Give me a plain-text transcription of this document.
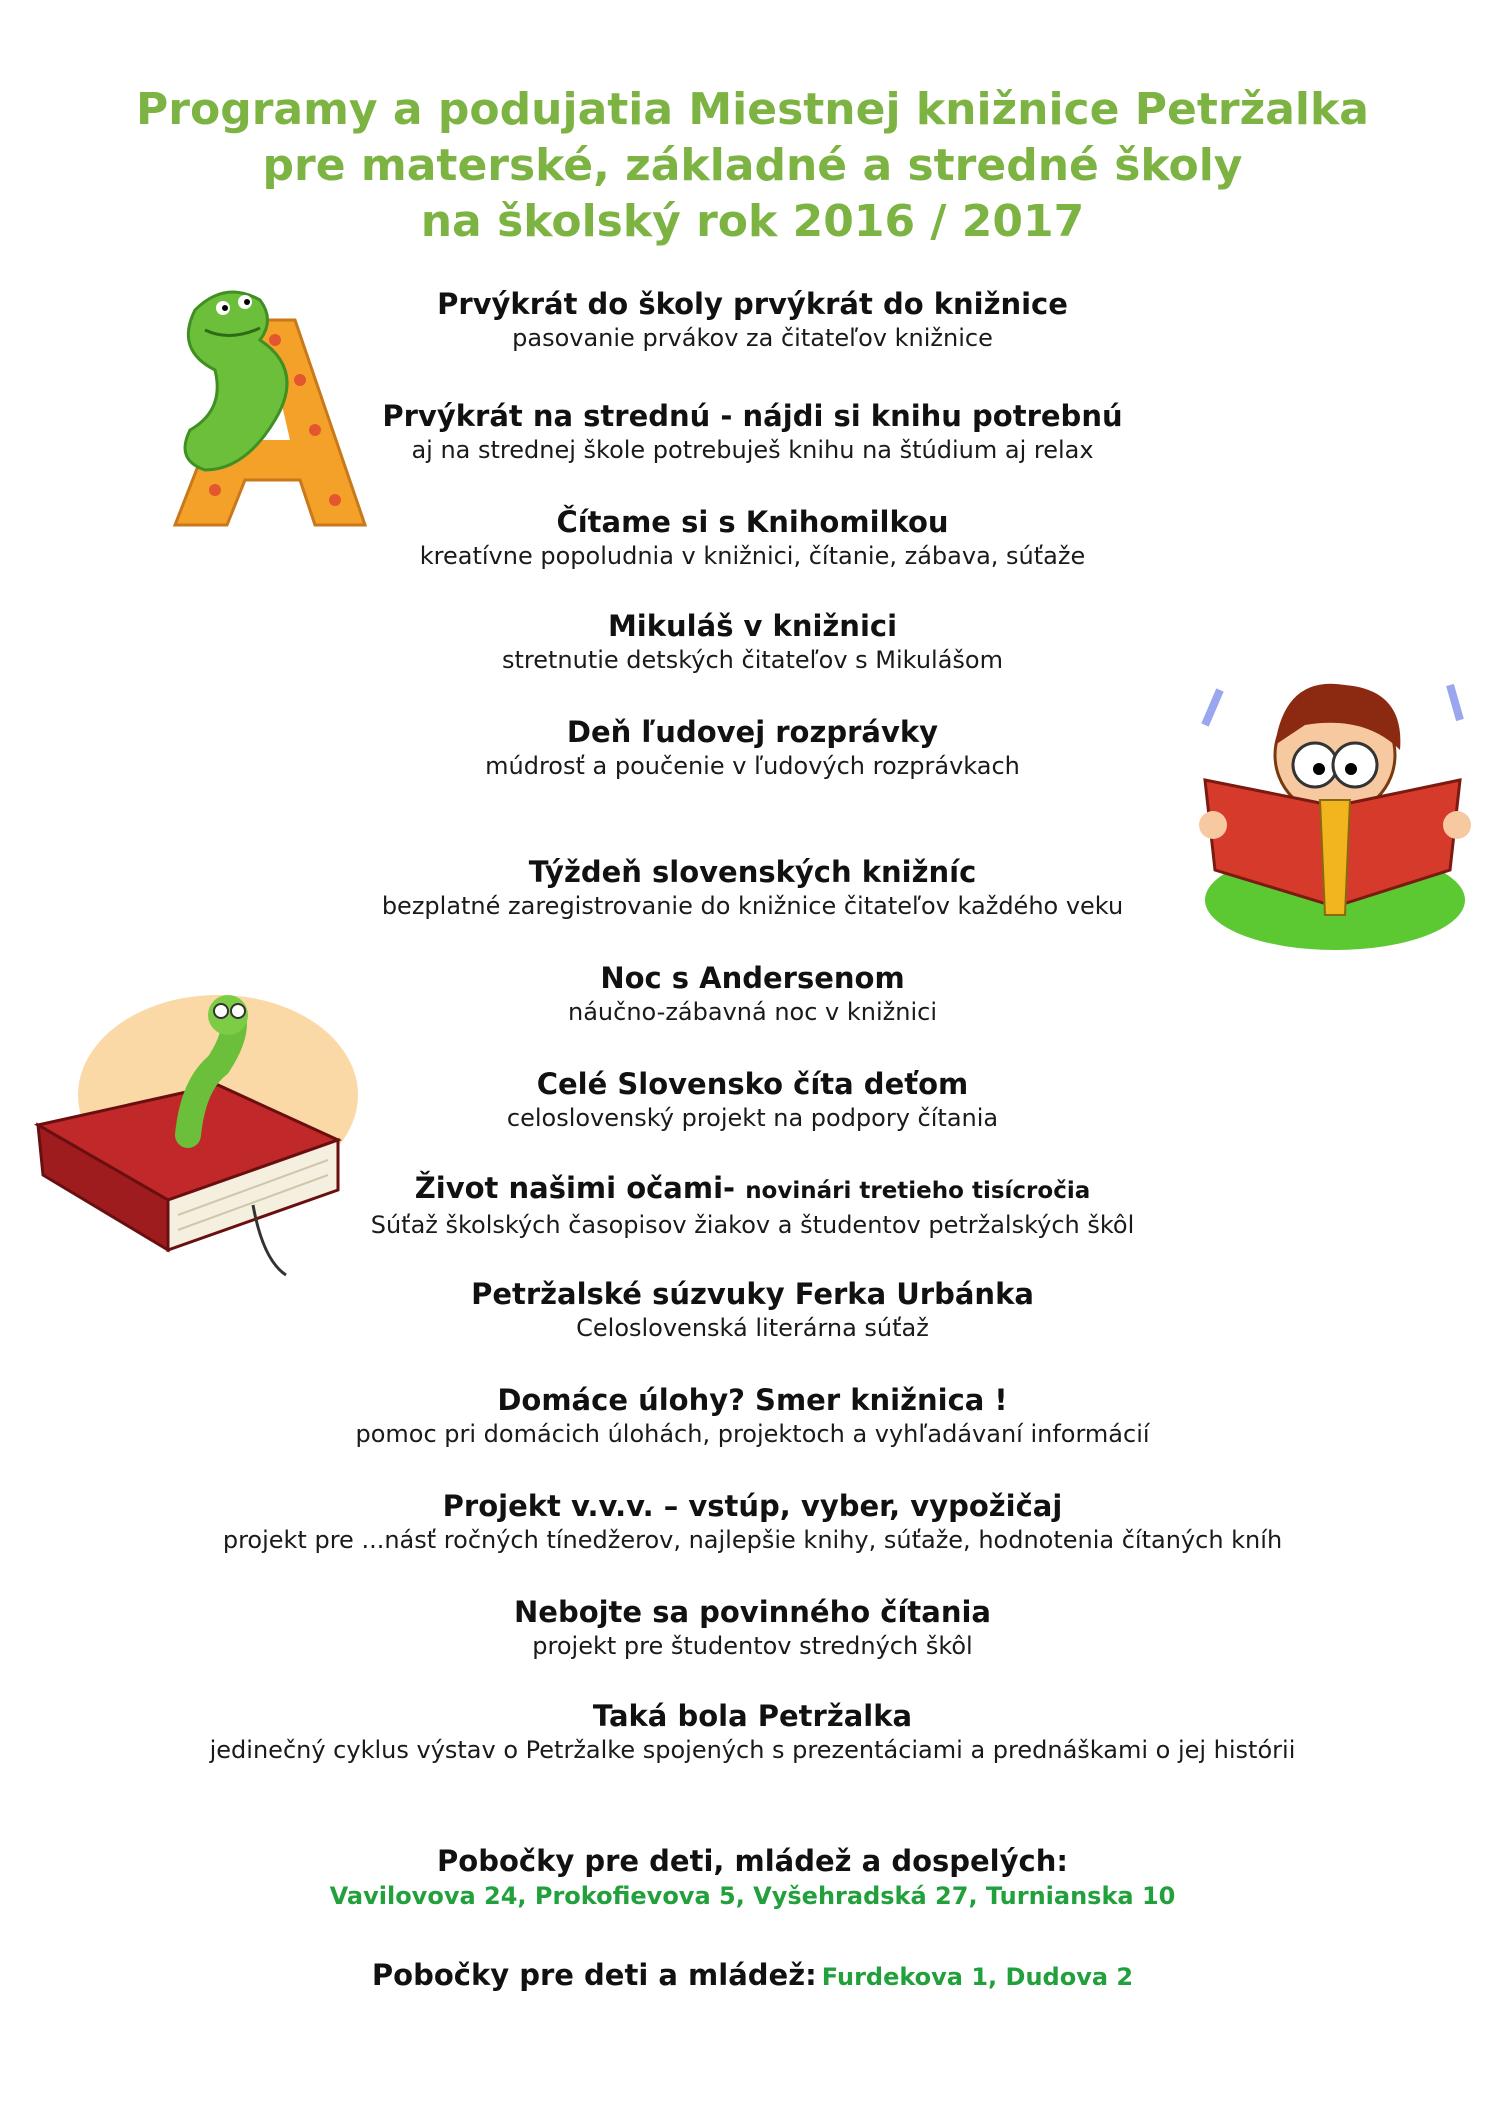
Programy a podujatia Miestnej knižnice Petržalka
pre materské, základné a stredné školy
na školský rok 2016 / 2017
Prvýkrát do školy prvýkrát do knižnice
pasovanie prvákov za čitateľov knižnice
Prvýkrát na strednú - nájdi si knihu potrebnú
aj na strednej škole potrebuješ knihu na štúdium aj relax
Čítame si s Knihomilkou
kreatívne popoludnia v knižnici, čítanie, zábava, súťaže
Mikuláš v knižnici
stretnutie detských čitateľov s Mikulášom
Deň ľudovej rozprávky
múdrosť a poučenie v ľudových rozprávkach
Týždeň slovenských knižníc
bezplatné zaregistrovanie do knižnice čitateľov každého veku
Noc s Andersenom
náučno-zábavná noc v knižnici
Celé Slovensko číta deťom
celoslovenský projekt na podpory čítania
Život našimi očami- novinári tretieho tisícročia
Súťaž školských časopisov žiakov a študentov petržalských škôl
Petržalské súzvuky Ferka Urbánka
Celoslovenská literárna súťaž
Domáce úlohy? Smer knižnica !
pomoc pri domácich úlohách, projektoch a vyhľadávaní informácií
Projekt v.v.v. – vstúp, vyber, vypožičaj
projekt pre ...násť ročných tínedžerov, najlepšie knihy, súťaže, hodnotenia čítaných kníh
Nebojte sa povinného čítania
projekt pre študentov stredných škôl
Taká bola Petržalka
jedinečný cyklus výstav o Petržalke spojených s prezentáciami a prednáškami o jej histórii
Pobočky pre deti, mládež a dospelých:
Vavilovova 24, Prokofievova 5, Vyšehradská 27, Turnianska 10
Pobočky pre deti a mládež: Furdekova 1, Dudova 2
